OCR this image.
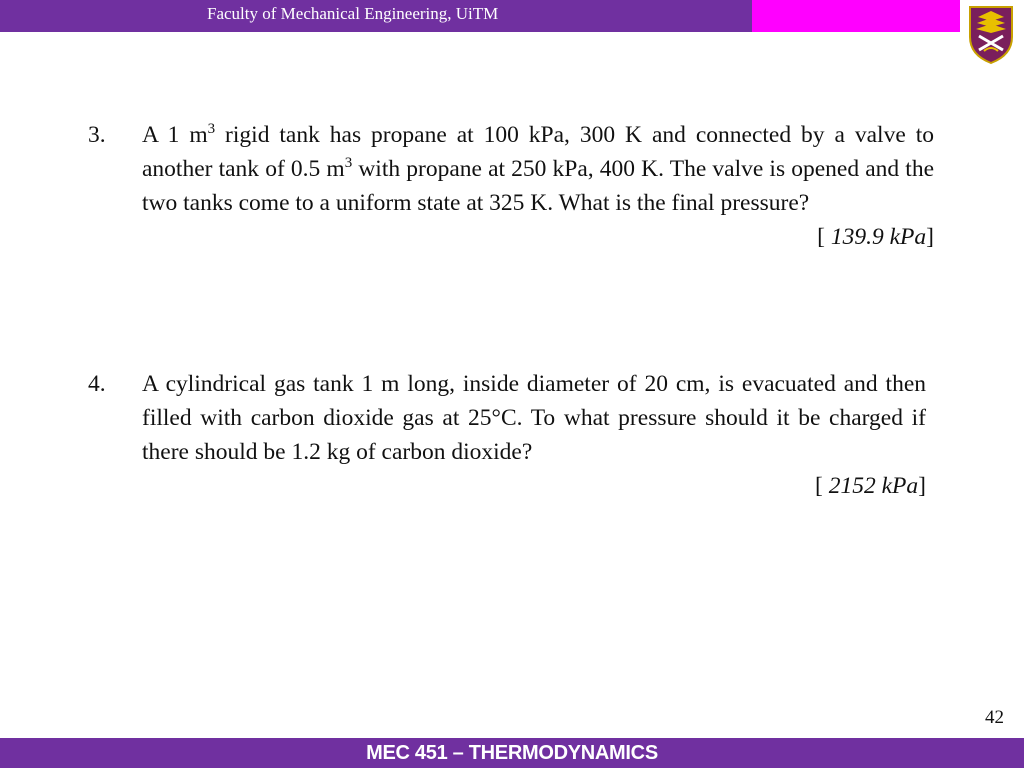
Faculty of Mechanical Engineering, UiTM
3.	A 1 $m^3$ rigid tank has propane at 100 kPa, 300 K and connected by a valve to another tank of 0.5 $m^3$ with propane at 250 kPa, 400 K. The valve is opened and the two tanks come to a uniform state at 325 K. What is the final pressure?
[ 139.9 kPa]
4.	A cylindrical gas tank 1 m long, inside diameter of 20 cm, is evacuated and then filled with carbon dioxide gas at 25°C. To what pressure should it be charged if there should be 1.2 kg of carbon dioxide?
[ 2152 kPa]
42
MEC 451 – THERMODYNAMICS
